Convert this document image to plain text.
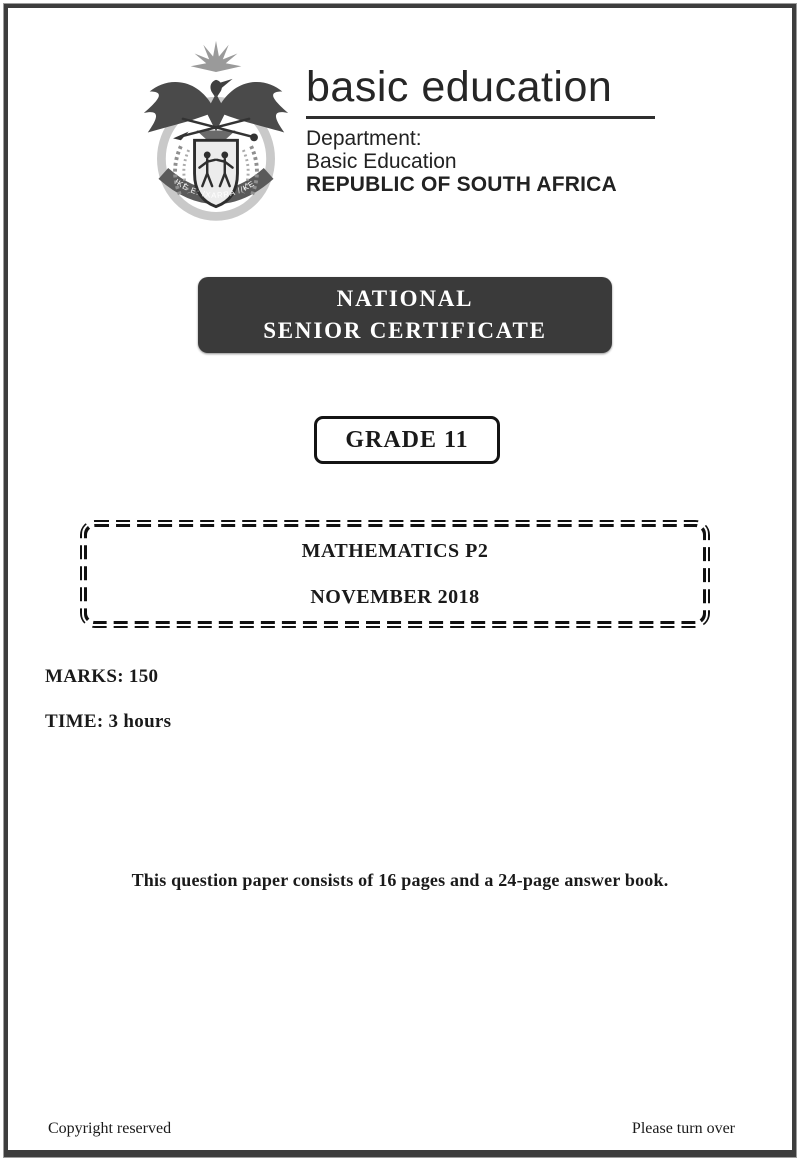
!KE E: /XARRA //KE
basic education
Department:
Basic Education
REPUBLIC OF SOUTH AFRICA
NATIONAL
SENIOR CERTIFICATE
GRADE 11
MATHEMATICS P2
NOVEMBER 2018
MARKS: 150
TIME: 3 hours
This question paper consists of 16 pages and a 24-page answer book.
Copyright reserved	Please turn over
